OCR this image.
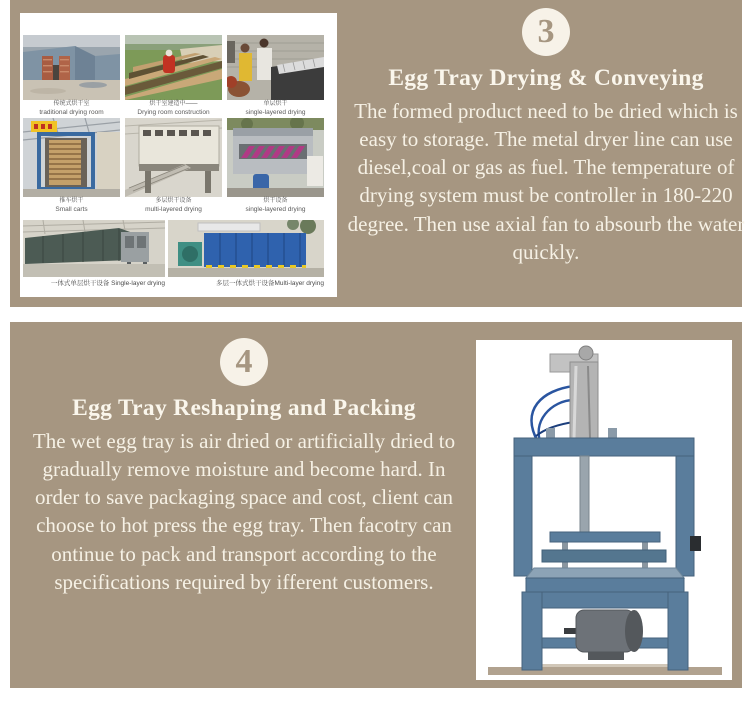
传统式烘干室
traditional drying room
烘干室建造中——
Drying room construction
单层烘干
single-layered drying
推车烘干
Small carts
多层烘干设备
multi-layered drying
烘干设备
single-layered drying
一体式单层烘干设备 Single-layer drying	多层一体式烘干设备Multi-layer drying
3
Egg Tray Drying & Conveying
The formed product need to be dried which is easy to storage. The metal dryer line can use diesel,coal or gas as fuel. The temperature of drying system must be controller in 180-220 degree. Then use axial fan to absourb the water quickly.
4
Egg Tray Reshaping and Packing
The wet egg tray is air dried or artificially dried to gradually remove moisture and become hard. In order to save packaging space and cost, client can choose to hot press the egg tray. Then facotry can ontinue to pack and transport according to the specifications required by ifferent customers.
